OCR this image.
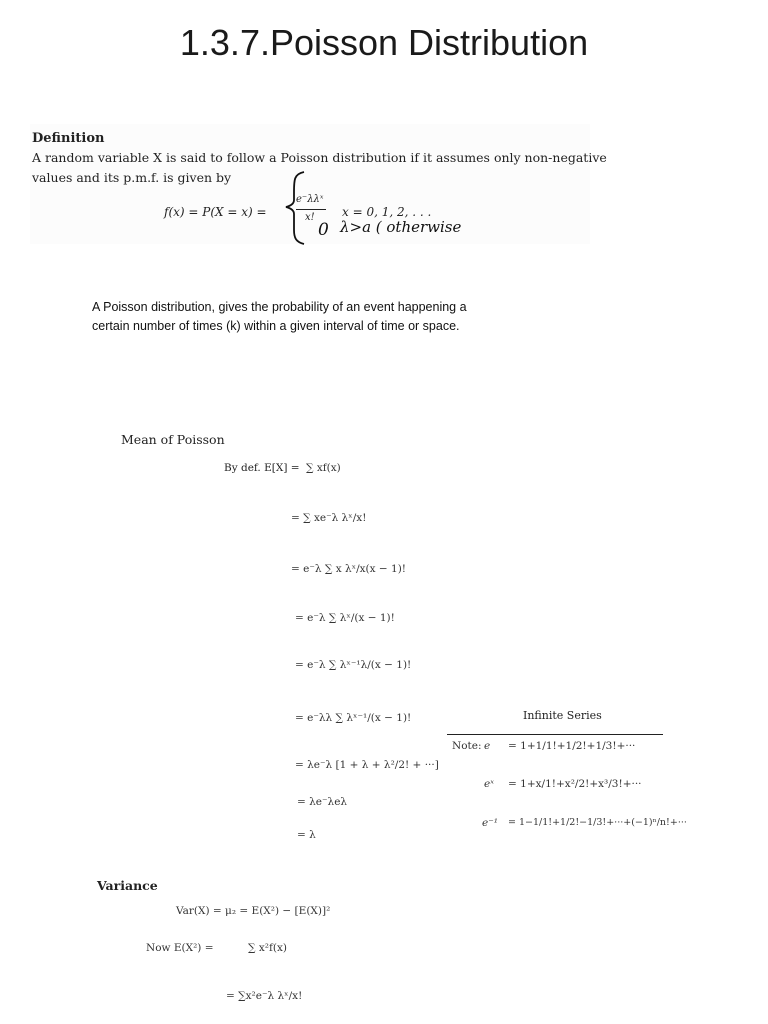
1.3.7.Poisson Distribution
Definition
A random variable X is said to follow a Poisson distribution if it assumes only non-negative
values and its p.m.f. is given by
f(x) = P(X = x) =
e⁻λλˣ
x! x = 0, 1, 2, . . .
0 λ>a ( otherwise
A Poisson distribution, gives the probability of an event happening a certain number of times (k) within a given interval of time or space.
Mean of Poisson
By def. E[X] = ∑ xf(x)
= ∑ xe⁻λ λˣ/x!
= e⁻λ ∑ x λˣ/x(x − 1)!
= e⁻λ ∑ λˣ/(x − 1)!
= e⁻λ ∑ λˣ⁻¹λ/(x − 1)!
= e⁻λλ ∑ λˣ⁻¹/(x − 1)!
= λe⁻λ [1 + λ + λ²/2! + ···]
= λe⁻λeλ
= λ
Infinite Series
Note: e = 1+1/1!+1/2!+1/3!+···
eˣ = 1+x/1!+x²/2!+x³/3!+···
e⁻¹ = 1−1/1!+1/2!−1/3!+···+(−1)ⁿ/n!+···
Variance
Var(X) = μ₂ = E(X²) − [E(X)]²
Now E(X²) =	∑ x²f(x)
= ∑x²e⁻λ λˣ/x!
